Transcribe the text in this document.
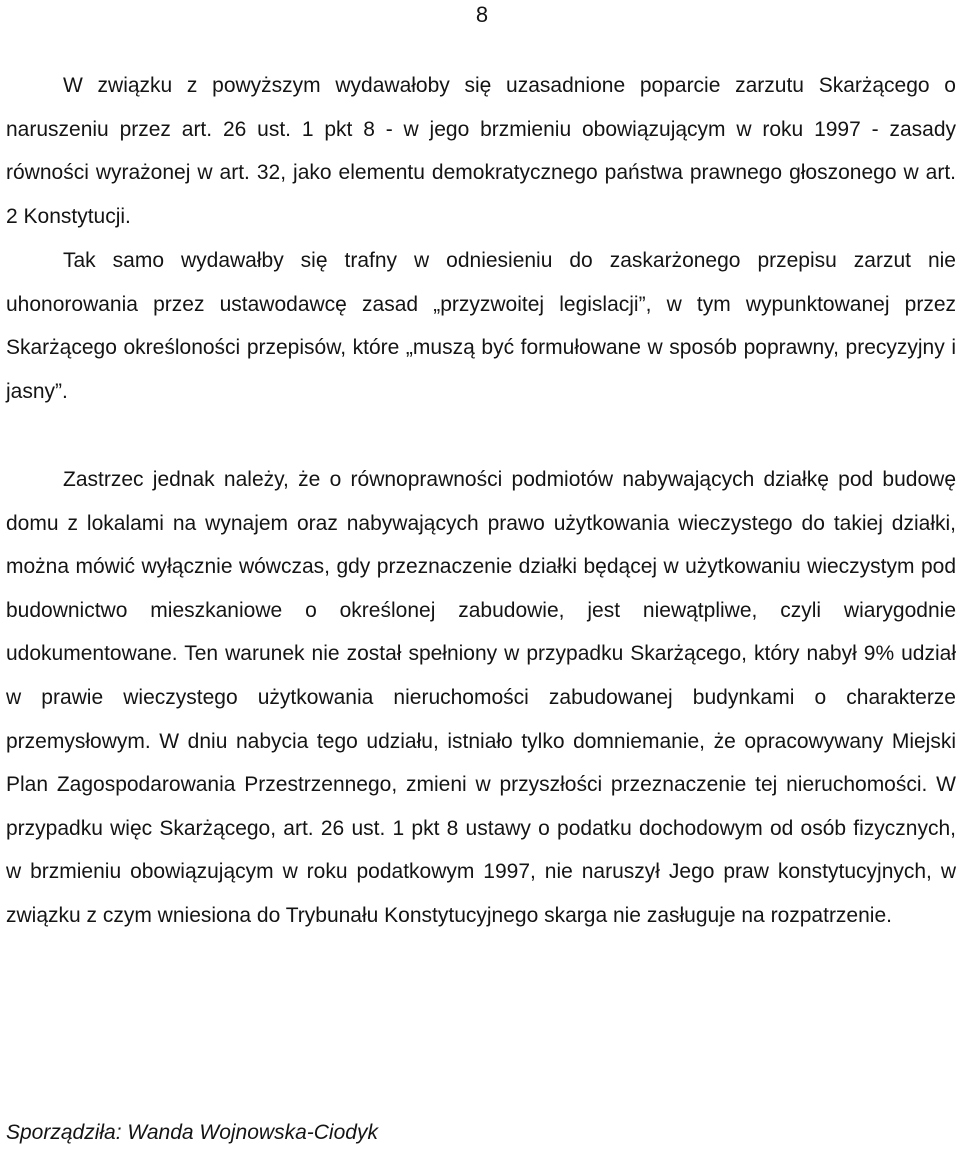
8

W związku z powyższym wydawałoby się uzasadnione poparcie zarzutu Skarżącego o naruszeniu przez art. 26 ust. 1 pkt 8 - w jego brzmieniu obowiązującym w roku 1997 - zasady równości wyrażonej w art. 32, jako elementu demokratycznego państwa prawnego głoszonego w art. 2 Konstytucji.

Tak samo wydawałby się trafny w odniesieniu do zaskarżonego przepisu zarzut nie uhonorowania przez ustawodawcę zasad „przyzwoitej legislacji”, w tym wypunktowanej przez Skarżącego określoności przepisów, które „muszą być formułowane w sposób poprawny, precyzyjny i jasny”.

Zastrzec jednak należy, że o równoprawności podmiotów nabywających działkę pod budowę domu z lokalami na wynajem oraz nabywających prawo użytkowania wieczystego do takiej działki, można mówić wyłącznie wówczas, gdy przeznaczenie działki będącej w użytkowaniu wieczystym pod budownictwo mieszkaniowe o określonej zabudowie, jest niewątpliwe, czyli wiarygodnie udokumentowane. Ten warunek nie został spełniony w przypadku Skarżącego, który nabył 9% udział w prawie wieczystego użytkowania nieruchomości zabudowanej budynkami o charakterze przemysłowym. W dniu nabycia tego udziału, istniało tylko domniemanie, że opracowywany Miejski Plan Zagospodarowania Przestrzennego, zmieni w przyszłości przeznaczenie tej nieruchomości. W przypadku więc Skarżącego, art. 26 ust. 1 pkt 8 ustawy o podatku dochodowym od osób fizycznych, w brzmieniu obowiązującym w roku podatkowym 1997, nie naruszył Jego praw konstytucyjnych, w związku z czym wniesiona do Trybunału Konstytucyjnego skarga nie zasługuje na rozpatrzenie.

Sporządziła: Wanda Wojnowska-Ciodyk
